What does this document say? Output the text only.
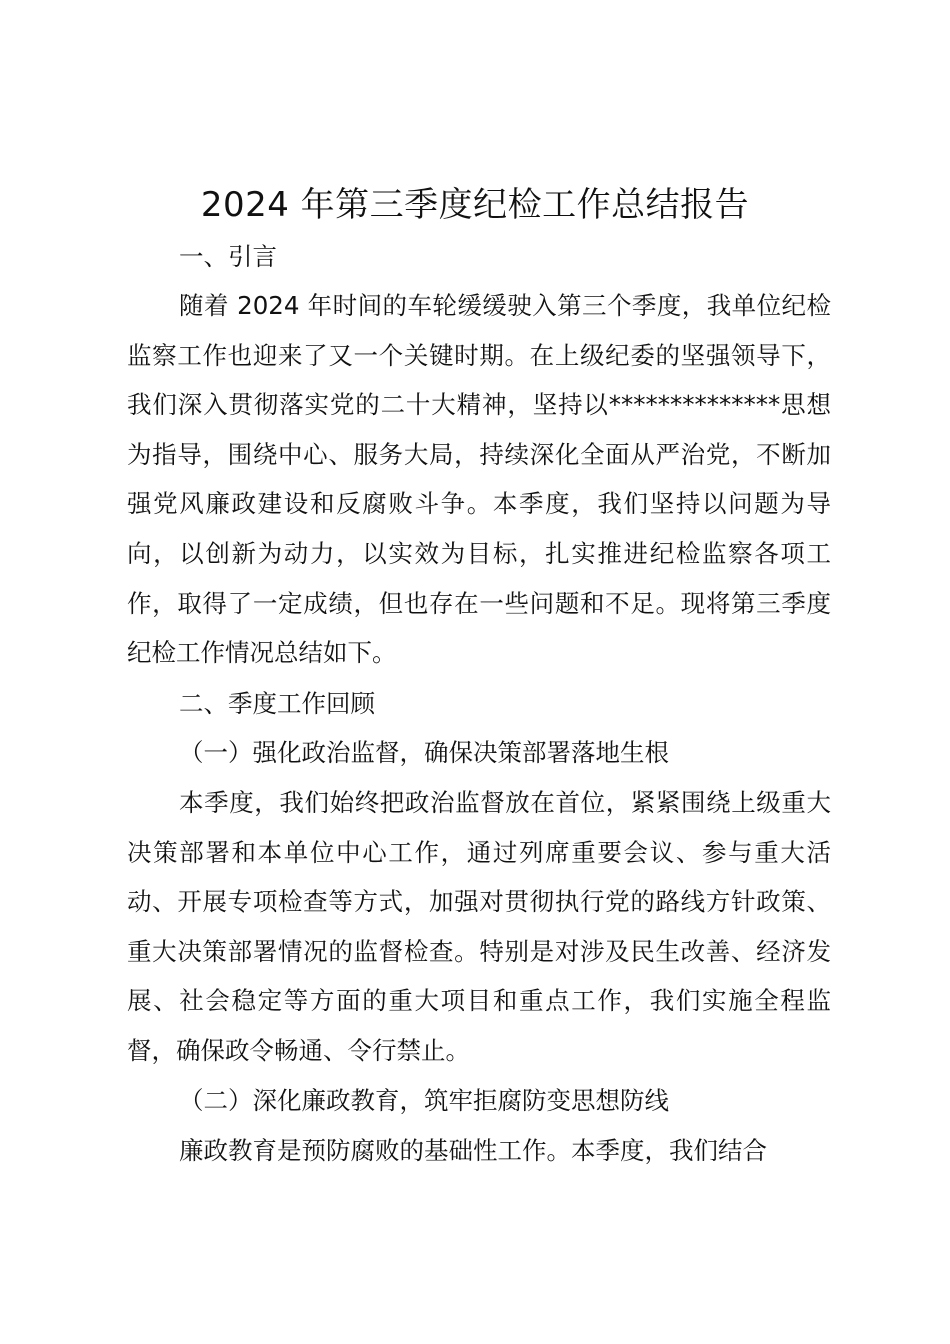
2024 年第三季度纪检工作总结报告

一、引言

随着 2024 年时间的车轮缓缓驶入第三个季度，我单位纪检监察工作也迎来了又一个关键时期。在上级纪委的坚强领导下，我们深入贯彻落实党的二十大精神，坚持以**************思想为指导，围绕中心、服务大局，持续深化全面从严治党，不断加强党风廉政建设和反腐败斗争。本季度，我们坚持以问题为导向，以创新为动力，以实效为目标，扎实推进纪检监察各项工作，取得了一定成绩，但也存在一些问题和不足。现将第三季度纪检工作情况总结如下。

二、季度工作回顾

（一）强化政治监督，确保决策部署落地生根

本季度，我们始终把政治监督放在首位，紧紧围绕上级重大决策部署和本单位中心工作，通过列席重要会议、参与重大活动、开展专项检查等方式，加强对贯彻执行党的路线方针政策、重大决策部署情况的监督检查。特别是对涉及民生改善、经济发展、社会稳定等方面的重大项目和重点工作，我们实施全程监督，确保政令畅通、令行禁止。

（二）深化廉政教育，筑牢拒腐防变思想防线

廉政教育是预防腐败的基础性工作。本季度，我们结合
